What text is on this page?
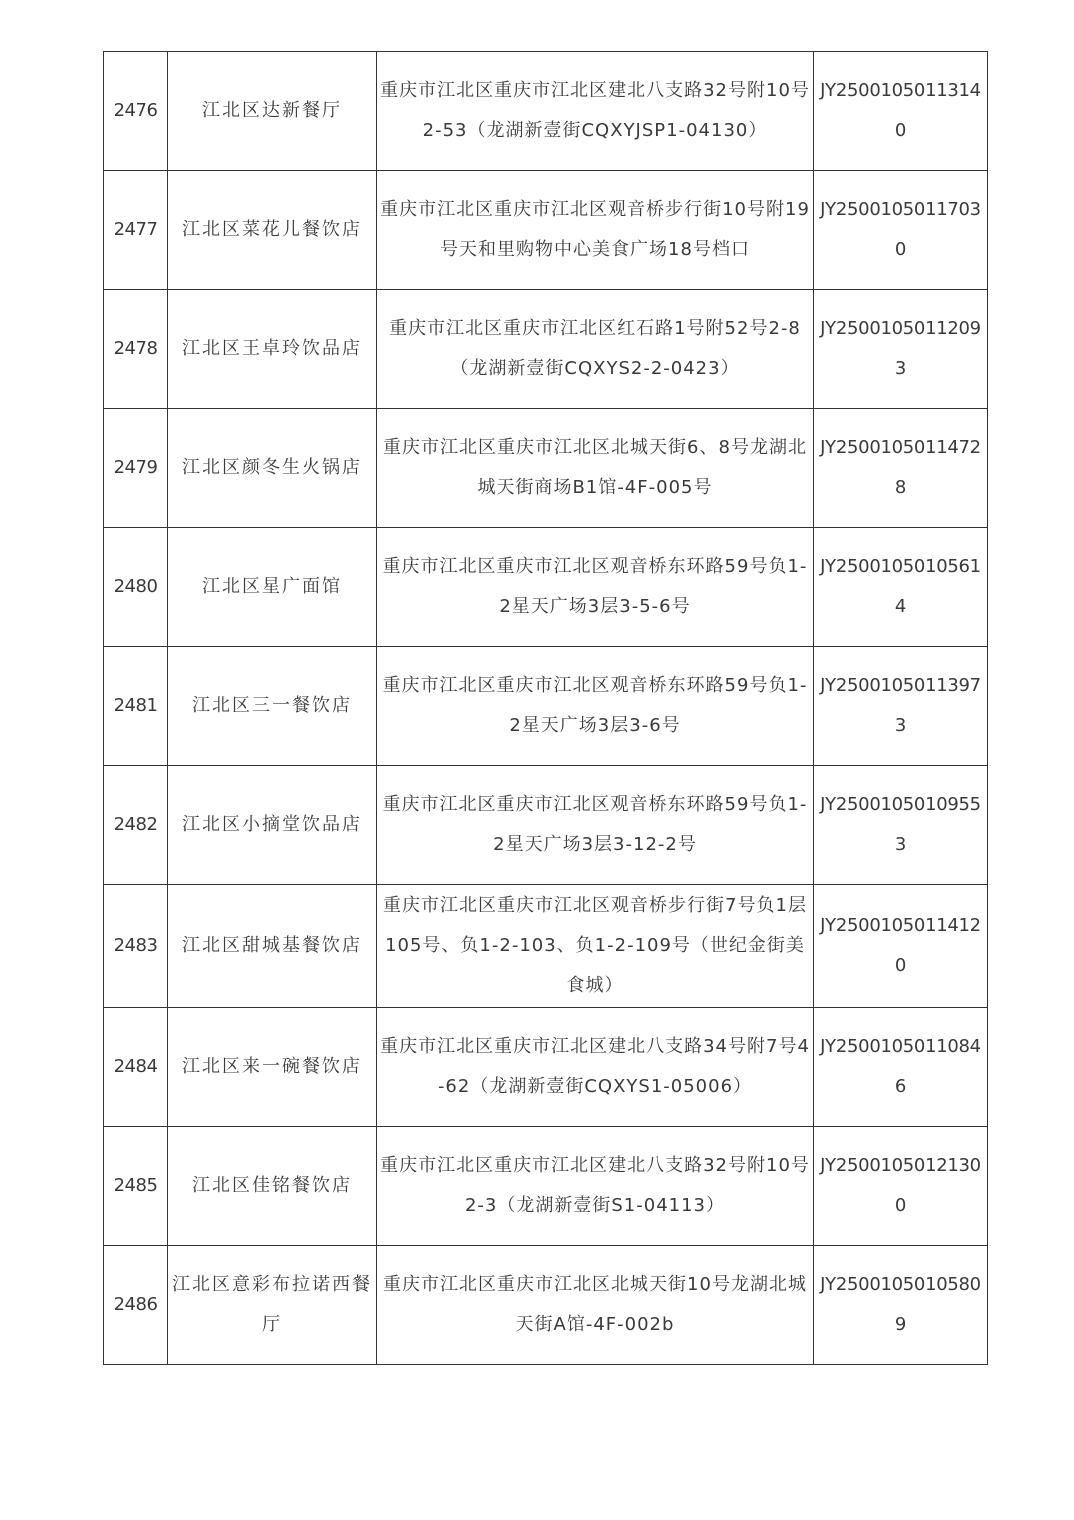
2476	江北区达新餐厅	重庆市江北区重庆市江北区建北八支路32号附10号2-53（龙湖新壹街CQXYJSP1-04130）	JY25001050113140
2477	江北区菜花儿餐饮店	重庆市江北区重庆市江北区观音桥步行街10号附19号天和里购物中心美食广场18号档口	JY25001050117030
2478	江北区王卓玲饮品店	重庆市江北区重庆市江北区红石路1号附52号2-8（龙湖新壹街CQXYS2-2-0423）	JY25001050112093
2479	江北区颜冬生火锅店	重庆市江北区重庆市江北区北城天街6、8号龙湖北城天街商场B1馆-4F-005号	JY25001050114728
2480	江北区星广面馆	重庆市江北区重庆市江北区观音桥东环路59号负1-2星天广场3层3-5-6号	JY25001050105614
2481	江北区三一餐饮店	重庆市江北区重庆市江北区观音桥东环路59号负1-2星天广场3层3-6号	JY25001050113973
2482	江北区小摘堂饮品店	重庆市江北区重庆市江北区观音桥东环路59号负1-2星天广场3层3-12-2号	JY25001050109553
2483	江北区甜城基餐饮店	重庆市江北区重庆市江北区观音桥步行街7号负1层105号、负1-2-103、负1-2-109号（世纪金街美食城）	JY25001050114120
2484	江北区来一碗餐饮店	重庆市江北区重庆市江北区建北八支路34号附7号4-62（龙湖新壹街CQXYS1-05006）	JY25001050110846
2485	江北区佳铭餐饮店	重庆市江北区重庆市江北区建北八支路32号附10号2-3（龙湖新壹街S1-04113）	JY25001050121300
2486	江北区意彩布拉诺西餐厅	重庆市江北区重庆市江北区北城天街10号龙湖北城天街A馆-4F-002b	JY25001050105809
